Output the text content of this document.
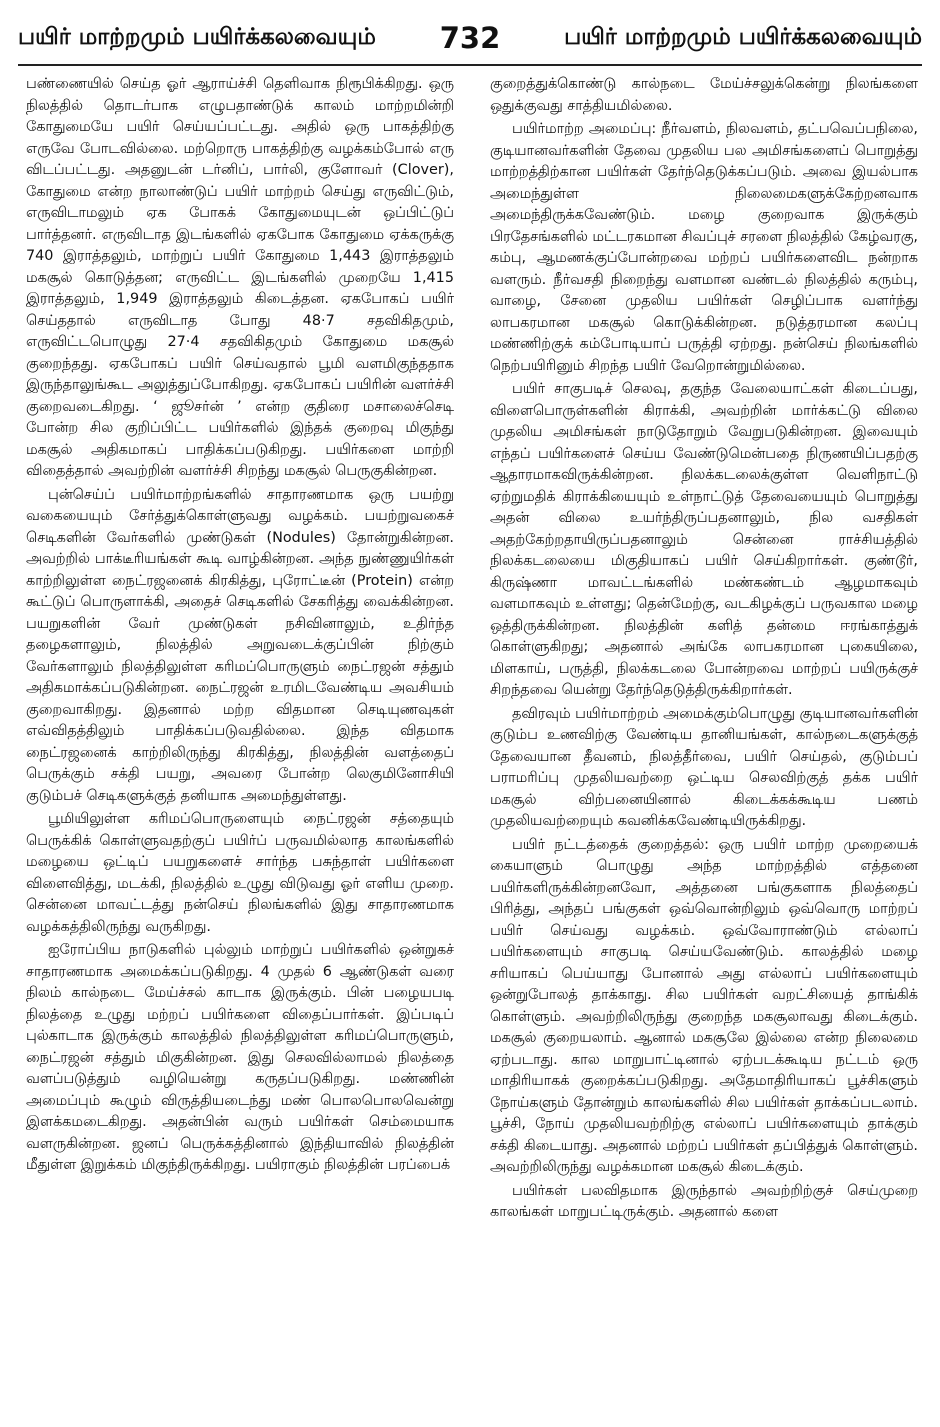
பயிர் மாற்றமும் பயிர்க்கலவையும் 732	பயிர் மாற்றமும் பயிர்க்கலவையும்

பண்ணையில் செய்த ஓர் ஆராய்ச்சி தெளிவாக நிரூபிக்கிறது. ஒரு நிலத்தில் தொடர்பாக எழுபதாண்டுக் காலம் மாற்றமின்றி கோதுமையே பயிர் செய்யப்பட்டது. அதில் ஒரு பாகத்திற்கு எருவே போடவில்லை. மற்றொரு பாகத்திற்கு வழக்கம்போல் எரு விடப்பட்டது. அதனுடன் டர்னிப், பார்லி, குளோவர் (Clover), கோதுமை என்ற நாலாண்டுப் பயிர் மாற்றம் செய்து எருவிட்டும், எருவிடாமலும் ஏக போகக் கோதுமையுடன் ஒப்பிட்டுப் பார்த்தனர். எருவிடாத இடங்களில் ஏகபோக கோதுமை ஏக்கருக்கு 740 இராத்தலும், மாற்றுப் பயிர் கோதுமை 1,443 இராத்தலும் மகசூல் கொடுத்தன; எருவிட்ட இடங்களில் முறையே 1,415 இராத்தலும், 1,949 இராத்தலும் கிடைத்தன. ஏகபோகப் பயிர் செய்ததால் எருவிடாத போது 48·7 சதவிகிதமும், எருவிட்டபொழுது 27·4 சதவிகிதமும் கோதுமை மகசூல் குறைந்தது. ஏகபோகப் பயிர் செய்வதால் பூமி வளமிகுந்ததாக இருந்தாலுங்கூட அலுத்துப்போகிறது. ஏகபோகப் பயிரின் வளர்ச்சி குறைவடைகிறது. ‘ ஜூசர்ன் ’ என்ற குதிரை மசாலைச்செடி போன்ற சில குறிப்பிட்ட பயிர்களில் இந்தக் குறைவு மிகுந்து மகசூல் அதிகமாகப் பாதிக்கப்படுகிறது. பயிர்களை மாற்றி விதைத்தால் அவற்றின் வளர்ச்சி சிறந்து மகசூல் பெருகுகின்றன.

புன்செய்ப் பயிர்மாற்றங்களில் சாதாரணமாக ஒரு பயற்று வகையையும் சேர்த்துக்கொள்ளுவது வழக்கம். பயற்றுவகைச் செடிகளின் வேர்களில் முண்டுகள் (Nodules) தோன்றுகின்றன. அவற்றில் பாக்டீரியங்கள் கூடி வாழ்கின்றன. அந்த நுண்ணுயிர்கள் காற்றிலுள்ள நைட்ரஜனைக் கிரகித்து, புரோட்டீன் (Protein) என்ற கூட்டுப் பொருளாக்கி, அதைச் செடிகளில் சேகரித்து வைக்கின்றன. பயறுகளின் வேர் முண்டுகள் நசிவினாலும், உதிர்ந்த தழைகளாலும், நிலத்தில் அறுவடைக்குப்பின் நிற்கும் வேர்களாலும் நிலத்திலுள்ள கரிமப்பொருளும் நைட்ரஜன் சத்தும் அதிகமாக்கப்படுகின்றன. நைட்ரஜன் உரமிடவேண்டிய அவசியம் குறைவாகிறது. இதனால் மற்ற விதமான செடியுணவுகள் எவ்விதத்திலும் பாதிக்கப்படுவதில்லை. இந்த விதமாக நைட்ரஜனைக் காற்றிலிருந்து கிரகித்து, நிலத்தின் வளத்தைப் பெருக்கும் சக்தி பயறு, அவரை போன்ற லெகுமினோசியி குடும்பச் செடிகளுக்குத் தனியாக அமைந்துள்ளது.

பூமியிலுள்ள கரிமப்பொருளையும் நைட்ரஜன் சத்தையும் பெருக்கிக் கொள்ளுவதற்குப் பயிர்ப் பருவமில்லாத காலங்களில் மழையை ஒட்டிப் பயறுகளைச் சார்ந்த பசுந்தாள் பயிர்களை விளைவித்து, மடக்கி, நிலத்தில் உழுது விடுவது ஓர் எளிய முறை. சென்னை மாவட்டத்து நன்செய் நிலங்களில் இது சாதாரணமாக வழக்கத்திலிருந்து வருகிறது.

ஐரோப்பிய நாடுகளில் புல்லும் மாற்றுப் பயிர்களில் ஒன்றுகச் சாதாரணமாக அமைக்கப்படுகிறது. 4 முதல் 6 ஆண்டுகள் வரை நிலம் கால்நடை மேய்ச்சல் காடாக இருக்கும். பின் பழையபடி நிலத்தை உழுது மற்றப் பயிர்களை விதைப்பார்கள். இப்படிப் புல்காடாக இருக்கும் காலத்தில் நிலத்திலுள்ள கரிமப்பொருளும், நைட்ரஜன் சத்தும் மிகுகின்றன. இது செலவில்லாமல் நிலத்தை வளப்படுத்தும் வழியென்று கருதப்படுகிறது. மண்ணின் அமைப்பும் கூழும் விருத்தியடைந்து மண் பொலபொலவென்று இளக்கமடைகிறது. அதன்பின் வரும் பயிர்கள் செம்மையாக வளருகின்றன. ஜனப் பெருக்கத்தினால் இந்தியாவில் நிலத்தின் மீதுள்ள இறுக்கம் மிகுந்திருக்கிறது. பயிராகும் நிலத்தின் பரப்பைக்

குறைத்துக்கொண்டு கால்நடை மேய்ச்சலுக்கென்று நிலங்களை ஒதுக்குவது சாத்தியமில்லை.

பயிர்மாற்ற அமைப்பு: நீர்வளம், நிலவளம், தட்பவெப்பநிலை, குடியானவர்களின் தேவை முதலிய பல அமிசங்களைப் பொறுத்து மாற்றத்திற்கான பயிர்கள் தேர்ந்தெடுக்கப்படும். அவை இயல்பாக அமைந்துள்ள நிலைமைகளுக்கேற்றனவாக அமைந்திருக்கவேண்டும். மழை குறைவாக இருக்கும் பிரதேசங்களில் மட்டரகமான சிவப்புச் சரளை நிலத்தில் கேழ்வரகு, கம்பு, ஆமணக்குப்போன்றவை மற்றப் பயிர்களைவிட நன்றாக வளரும். நீர்வசதி நிறைந்து வளமான வண்டல் நிலத்தில் கரும்பு, வாழை, சேனை முதலிய பயிர்கள் செழிப்பாக வளர்ந்து லாபகரமான மகசூல் கொடுக்கின்றன. நடுத்தரமான கலப்பு மண்ணிற்குக் கம்போடியாப் பருத்தி ஏற்றது. நன்செய் நிலங்களில் நெற்பயிரினும் சிறந்த பயிர் வேறொன்றுமில்லை.

பயிர் சாகுபடிச் செலவு, தகுந்த வேலையாட்கள் கிடைப்பது, விளைபொருள்களின் கிராக்கி, அவற்றின் மார்க்கட்டு விலை முதலிய அமிசங்கள் நாடுதோறும் வேறுபடுகின்றன. இவையும் எந்தப் பயிர்களைச் செய்ய வேண்டுமென்பதை நிருணயிப்பதற்கு ஆதாரமாகவிருக்கின்றன. நிலக்கடலைக்குள்ள வெளிநாட்டு ஏற்றுமதிக் கிராக்கியையும் உள்நாட்டுத் தேவையையும் பொறுத்து அதன் விலை உயர்ந்திருப்பதனாலும், நில வசதிகள் அதற்கேற்றதாயிருப்பதனாலும் சென்னை ராச்சியத்தில் நிலக்கடலையை மிகுதியாகப் பயிர் செய்கிறார்கள். குண்டூர், கிருஷ்ணா மாவட்டங்களில் மண்கண்டம் ஆழமாகவும் வளமாகவும் உள்ளது; தென்மேற்கு, வடகிழக்குப் பருவகால மழை ஒத்திருக்கின்றன. நிலத்தின் களித் தன்மை ஈரங்காத்துக் கொள்ளுகிறது; அதனால் அங்கே லாபகரமான புகையிலை, மிளகாய், பருத்தி, நிலக்கடலை போன்றவை மாற்றப் பயிருக்குச் சிறந்தவை யென்று தேர்ந்தெடுத்திருக்கிறார்கள்.

தவிரவும் பயிர்மாற்றம் அமைக்கும்பொழுது குடியானவர்களின் குடும்ப உணவிற்கு வேண்டிய தானியங்கள், கால்நடைகளுக்குத் தேவையான தீவனம், நிலத்தீர்வை, பயிர் செய்தல், குடும்பப் பராமரிப்பு முதலியவற்றை ஒட்டிய செலவிற்குத் தக்க பயிர் மகசூல் விற்பனையினால் கிடைக்கக்கூடிய பணம் முதலியவற்றையும் கவனிக்கவேண்டியிருக்கிறது.

பயிர் நட்டத்தைக் குறைத்தல்: ஒரு பயிர் மாற்ற முறையைக் கையாளும் பொழுது அந்த மாற்றத்தில் எத்தனை பயிர்களிருக்கின்றனவோ, அத்தனை பங்குகளாக நிலத்தைப் பிரித்து, அந்தப் பங்குகள் ஒவ்வொன்றிலும் ஒவ்வொரு மாற்றப் பயிர் செய்வது வழக்கம். ஒவ்வோராண்டும் எல்லாப் பயிர்களையும் சாகுபடி செய்யவேண்டும். காலத்தில் மழை சரியாகப் பெய்யாது போனால் அது எல்லாப் பயிர்களையும் ஒன்றுபோலத் தாக்காது. சில பயிர்கள் வறட்சியைத் தாங்கிக் கொள்ளும். அவற்றிலிருந்து குறைந்த மகசூலாவது கிடைக்கும். மகசூல் குறையலாம். ஆனால் மகசூலே இல்லை என்ற நிலைமை ஏற்படாது. கால மாறுபாட்டினால் ஏற்படக்கூடிய நட்டம் ஒரு மாதிரியாகக் குறைக்கப்படுகிறது. அதேமாதிரியாகப் பூச்சிகளும் நோய்களும் தோன்றும் காலங்களில் சில பயிர்கள் தாக்கப்படலாம். பூச்சி, நோய் முதலியவற்றிற்கு எல்லாப் பயிர்களையும் தாக்கும் சக்தி கிடையாது. அதனால் மற்றப் பயிர்கள் தப்பித்துக் கொள்ளும். அவற்றிலிருந்து வழக்கமான மகசூல் கிடைக்கும்.

பயிர்கள் பலவிதமாக இருந்தால் அவற்றிற்குச் செய்முறை காலங்கள் மாறுபட்டிருக்கும். அதனால் களை
